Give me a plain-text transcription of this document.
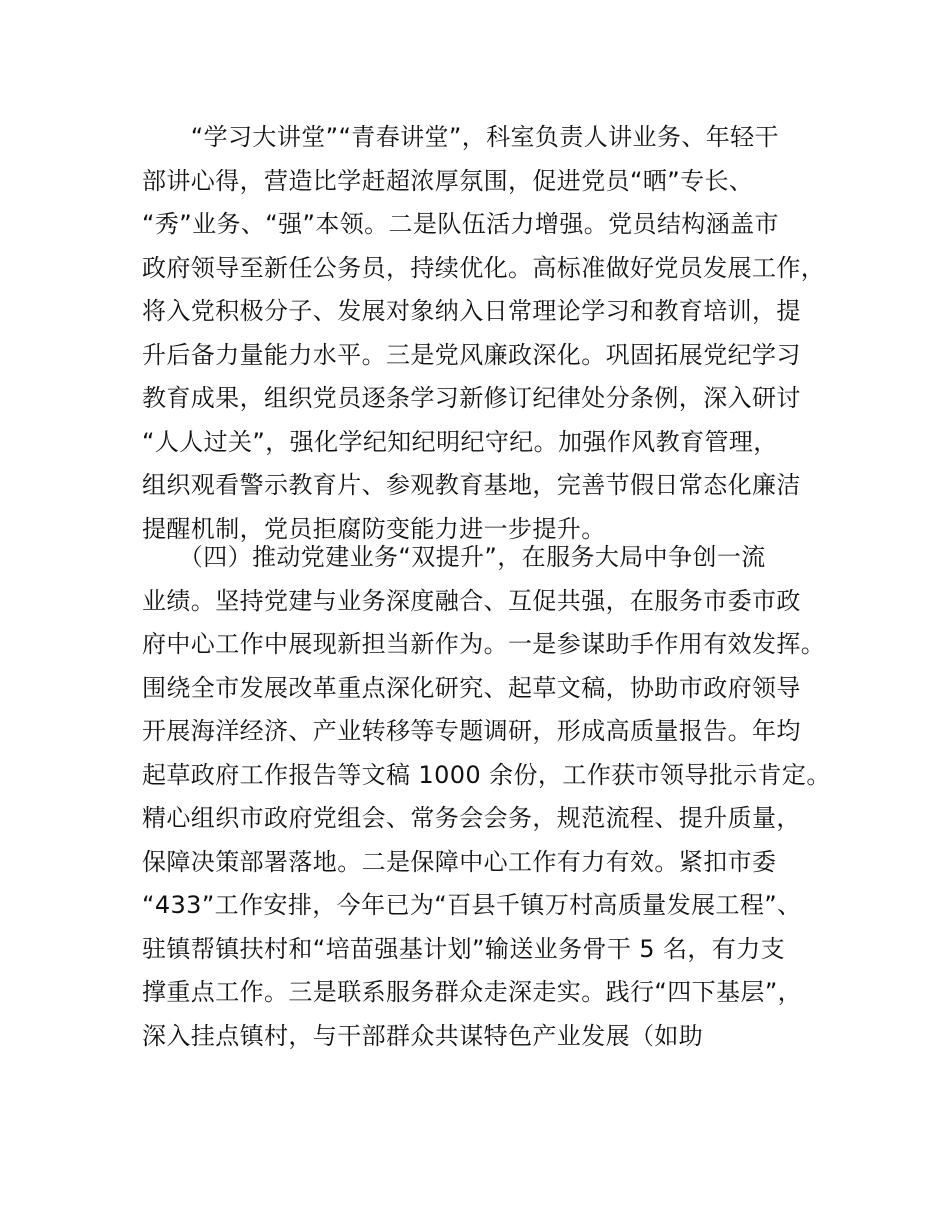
　　“学习大讲堂”“青春讲堂”，科室负责人讲业务、年轻干
部讲心得，营造比学赶超浓厚氛围，促进党员“晒”专长、
“秀”业务、“强”本领。二是队伍活力增强。党员结构涵盖市
政府领导至新任公务员，持续优化。高标准做好党员发展工作，
将入党积极分子、发展对象纳入日常理论学习和教育培训，提
升后备力量能力水平。三是党风廉政深化。巩固拓展党纪学习
教育成果，组织党员逐条学习新修订纪律处分条例，深入研讨
“人人过关”，强化学纪知纪明纪守纪。加强作风教育管理，
组织观看警示教育片、参观教育基地，完善节假日常态化廉洁
提醒机制，党员拒腐防变能力进一步提升。

　　（四）推动党建业务“双提升”，在服务大局中争创一流
业绩。坚持党建与业务深度融合、互促共强，在服务市委市政
府中心工作中展现新担当新作为。一是参谋助手作用有效发挥。
围绕全市发展改革重点深化研究、起草文稿，协助市政府领导
开展海洋经济、产业转移等专题调研，形成高质量报告。年均
起草政府工作报告等文稿 1000 余份，工作获市领导批示肯定。
精心组织市政府党组会、常务会会务，规范流程、提升质量，
保障决策部署落地。二是保障中心工作有力有效。紧扣市委
“433”工作安排，今年已为“百县千镇万村高质量发展工程”、
驻镇帮镇扶村和“培苗强基计划”输送业务骨干 5 名，有力支
撑重点工作。三是联系服务群众走深走实。践行“四下基层”，
深入挂点镇村，与干部群众共谋特色产业发展（如助
